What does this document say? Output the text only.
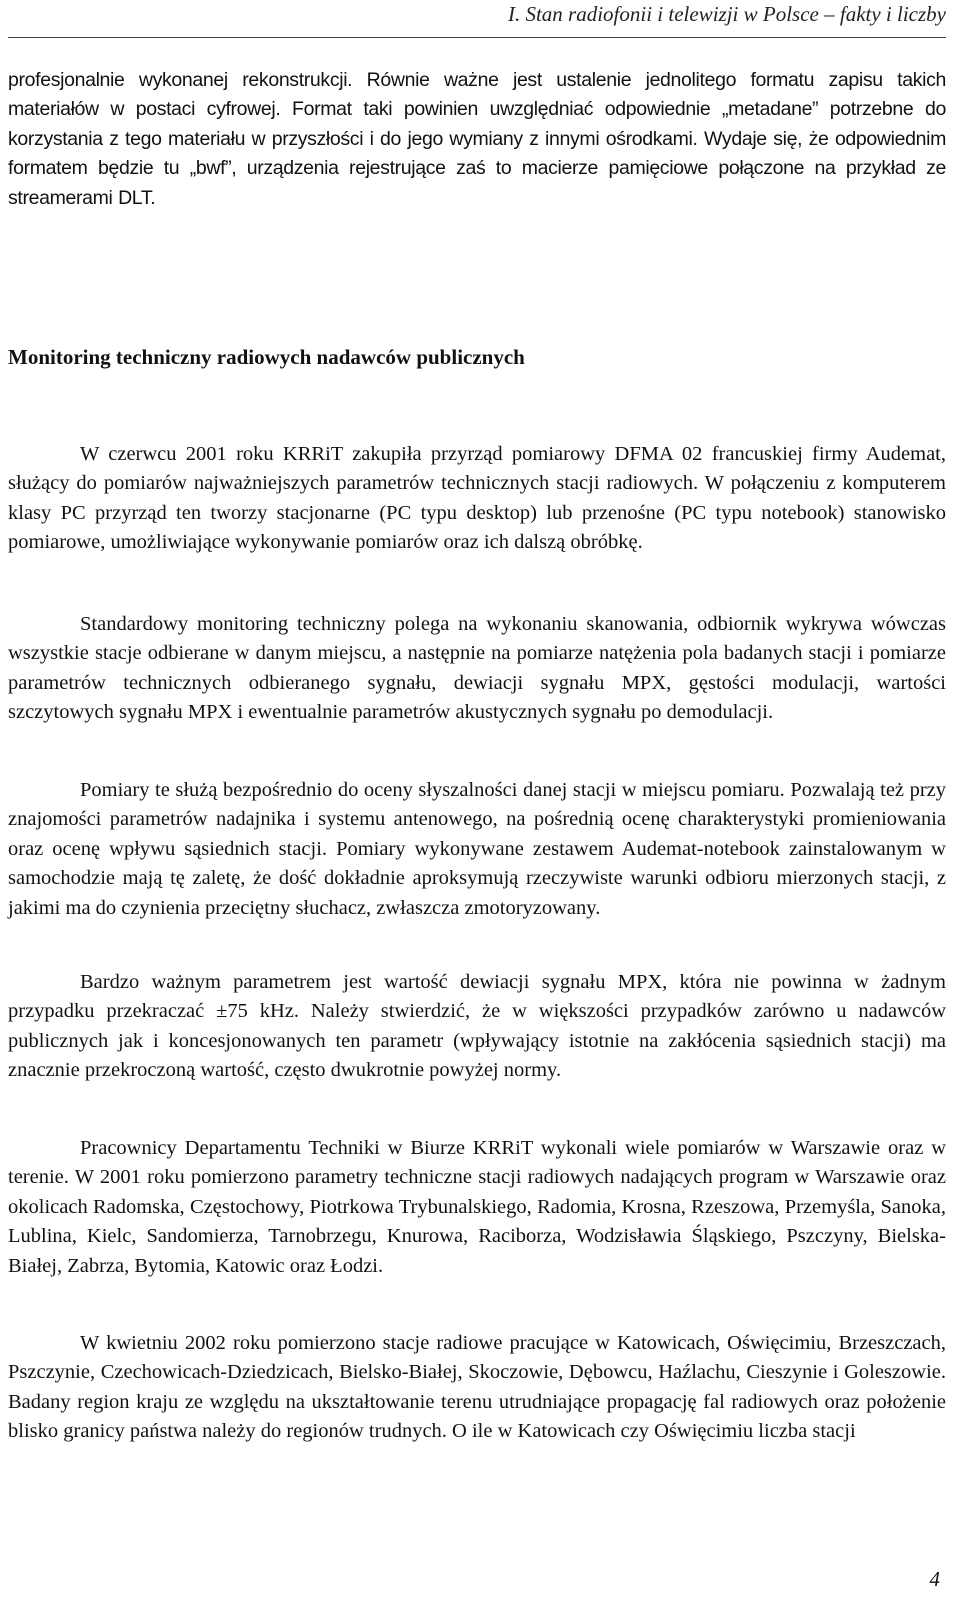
I. Stan radiofonii i telewizji w Polsce – fakty i liczby

profesjonalnie wykonanej rekonstrukcji. Równie ważne jest ustalenie jednolitego formatu zapisu takich materiałów w postaci cyfrowej. Format taki powinien uwzględniać odpowiednie „metadane” potrzebne do korzystania z tego materiału w przyszłości i do jego wymiany z innymi ośrodkami. Wydaje się, że odpowiednim formatem będzie tu „bwf”, urządzenia rejestrujące zaś to macierze pamięciowe połączone na przykład ze streamerami DLT.

Monitoring techniczny radiowych nadawców publicznych

W czerwcu 2001 roku KRRiT zakupiła przyrząd pomiarowy DFMA 02 francuskiej firmy Audemat, służący do pomiarów najważniejszych parametrów technicznych stacji radiowych. W połączeniu z komputerem klasy PC przyrząd ten tworzy stacjonarne (PC typu desktop) lub przenośne (PC typu notebook) stanowisko pomiarowe, umożliwiające wykonywanie pomiarów oraz ich dalszą obróbkę.

Standardowy monitoring techniczny polega na wykonaniu skanowania, odbiornik wykrywa wówczas wszystkie stacje odbierane w danym miejscu, a następnie na pomiarze natężenia pola badanych stacji i pomiarze parametrów technicznych odbieranego sygnału, dewiacji sygnału MPX, gęstości modulacji, wartości szczytowych sygnału MPX i ewentualnie parametrów akustycznych sygnału po demodulacji.

Pomiary te służą bezpośrednio do oceny słyszalności danej stacji w miejscu pomiaru. Pozwalają też przy znajomości parametrów nadajnika i systemu antenowego, na pośrednią ocenę charakterystyki promieniowania oraz ocenę wpływu sąsiednich stacji. Pomiary wykonywane zestawem Audemat-notebook zainstalowanym w samochodzie mają tę zaletę, że dość dokładnie aproksymują rzeczywiste warunki odbioru mierzonych stacji, z jakimi ma do czynienia przeciętny słuchacz, zwłaszcza zmotoryzowany.

Bardzo ważnym parametrem jest wartość dewiacji sygnału MPX, która nie powinna w żadnym przypadku przekraczać ±75 kHz. Należy stwierdzić, że w większości przypadków zarówno u nadawców publicznych jak i koncesjonowanych ten parametr (wpływający istotnie na zakłócenia sąsiednich stacji) ma znacznie przekroczoną wartość, często dwukrotnie powyżej normy.

Pracownicy Departamentu Techniki w Biurze KRRiT wykonali wiele pomiarów w Warszawie oraz w terenie. W 2001 roku pomierzono parametry techniczne stacji radiowych nadających program w Warszawie oraz okolicach Radomska, Częstochowy, Piotrkowa Trybunalskiego, Radomia, Krosna, Rzeszowa, Przemyśla, Sanoka, Lublina, Kielc, Sandomierza, Tarnobrzegu, Knurowa, Raciborza, Wodzisławia Śląskiego, Pszczyny, Bielska-Białej, Zabrza, Bytomia, Katowic oraz Łodzi.

W kwietniu 2002 roku pomierzono stacje radiowe pracujące w Katowicach, Oświęcimiu, Brzeszczach, Pszczynie, Czechowicach-Dziedzicach, Bielsko-Białej, Skoczowie, Dębowcu, Haźlachu, Cieszynie i Goleszowie. Badany region kraju ze względu na ukształtowanie terenu utrudniające propagację fal radiowych oraz położenie blisko granicy państwa należy do regionów trudnych. O ile w Katowicach czy Oświęcimiu liczba stacji

4
